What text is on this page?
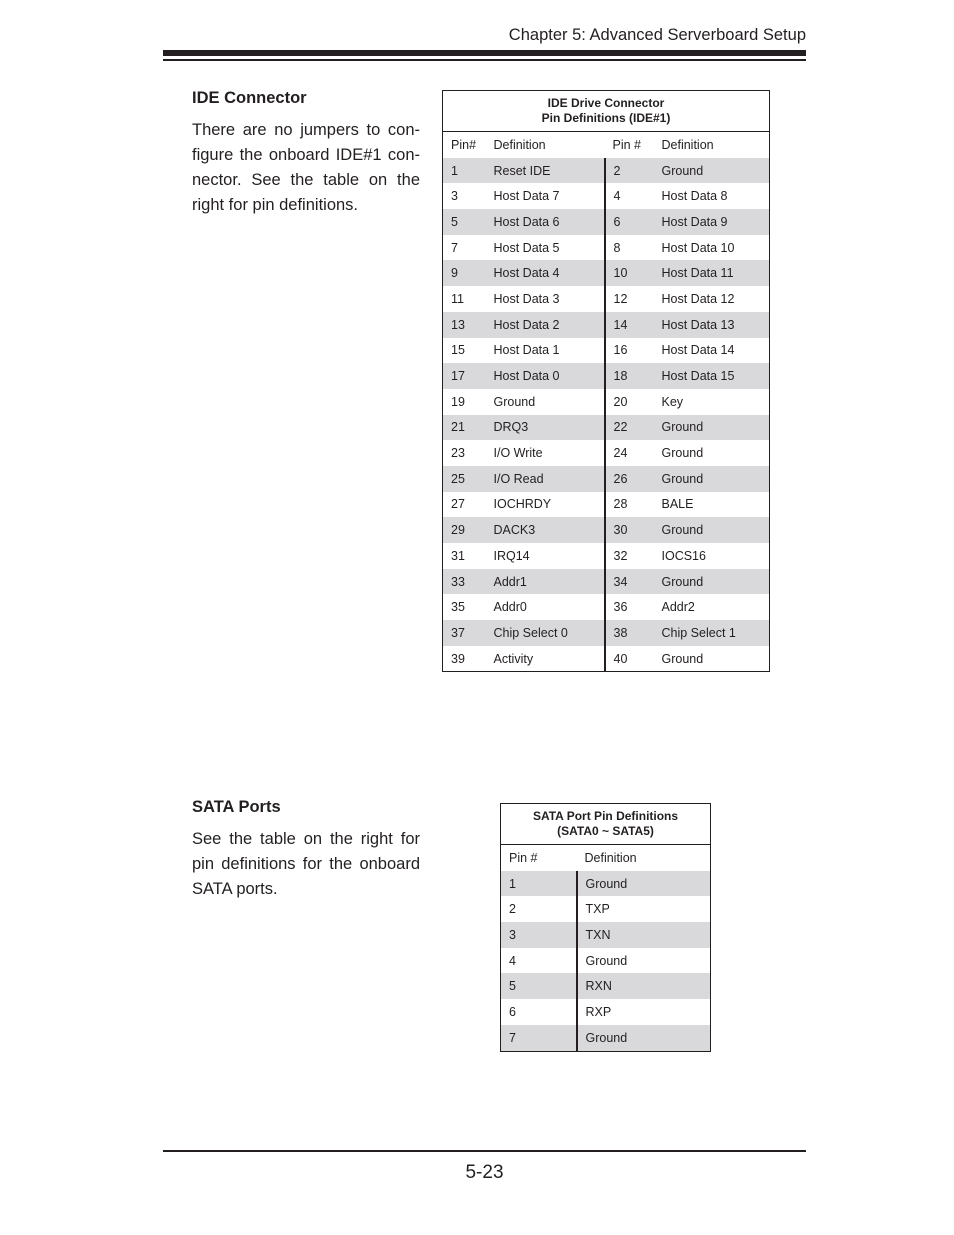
Chapter 5: Advanced Serverboard Setup
IDE Connector
There are no jumpers to con-figure the onboard IDE#1 con-nector. See the table on the right for pin definitions.
IDE Drive Connector
Pin Definitions (IDE#1)			
Pin#	Definition	Pin #	Definition
1	Reset IDE	2	Ground
3	Host Data 7	4	Host Data 8
5	Host Data 6	6	Host Data 9
7	Host Data 5	8	Host Data 10
9	Host Data 4	10	Host Data 11
11	Host Data 3	12	Host Data 12
13	Host Data 2	14	Host Data 13
15	Host Data 1	16	Host Data 14
17	Host Data 0	18	Host Data 15
19	Ground	20	Key
21	DRQ3	22	Ground
23	I/O Write	24	Ground
25	I/O Read	26	Ground
27	IOCHRDY	28	BALE
29	DACK3	30	Ground
31	IRQ14	32	IOCS16
33	Addr1	34	Ground
35	Addr0	36	Addr2
37	Chip Select 0	38	Chip Select 1
39	Activity	40	Ground
SATA Ports
See the table on the right for pin definitions for the onboard SATA ports.
SATA Port Pin Definitions
(SATA0 ~ SATA5)	
Pin #	Definition
1	Ground
2	TXP
3	TXN
4	Ground
5	RXN
6	RXP
7	Ground
5-23
